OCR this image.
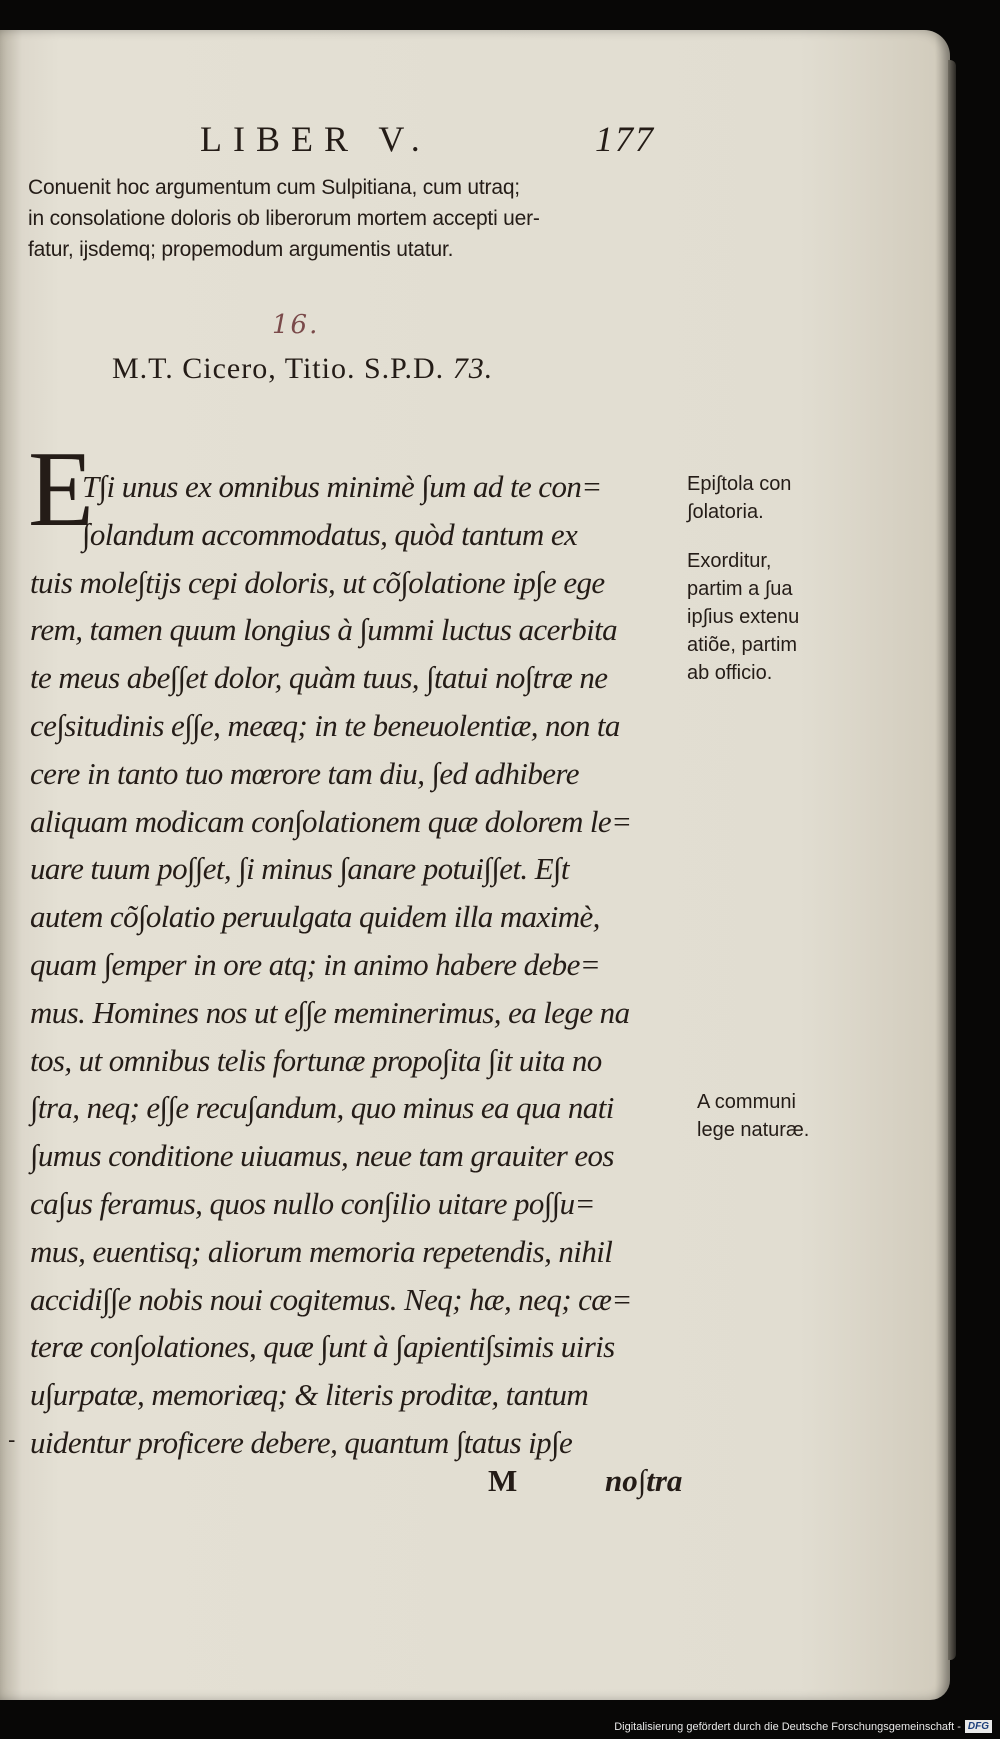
LIBER V.	177
Conuenit hoc argumentum cum Sulpitiana, cum utraq;
in consolatione doloris ob liberorum mortem accepti uer-
fatur, ijsdemq; propemodum argumentis utatur.
16.
M.T. Cicero, Titio. S.P.D. 73.
E
T∫i unus ex omnibus minimè ∫um ad te con=
∫olandum accommodatus, quòd tantum ex
tuis mole∫tijs cepi doloris, ut cõ∫olatione ip∫e ege
rem, tamen quum longius à ∫ummi luctus acerbita
te meus abe∫∫et dolor, quàm tuus, ∫tatui no∫træ ne
ce∫situdinis e∫∫e, meæq; in te beneuolentiæ, non ta
cere in tanto tuo mœrore tam diu, ∫ed adhibere
aliquam modicam con∫olationem quæ dolorem le=
uare tuum po∫∫et, ∫i minus ∫anare potui∫∫et. E∫t
autem cõ∫olatio peruulgata quidem illa maximè,
quam ∫emper in ore atq; in animo habere debe=
mus. Homines nos ut e∫∫e meminerimus, ea lege na
tos, ut omnibus telis fortunæ propo∫ita ∫it uita no
∫tra, neq; e∫∫e recu∫andum, quo minus ea qua nati
∫umus conditione uiuamus, neue tam grauiter eos
ca∫us feramus, quos nullo con∫ilio uitare po∫∫u=
mus, euentisq; aliorum memoria repetendis, nihil
accidi∫∫e nobis noui cogitemus. Neq; hæ, neq; cæ=
teræ con∫olationes, quæ ∫unt à ∫apienti∫simis uiris
u∫urpatæ, memoriæq; & literis proditæ, tantum
uidentur proficere debere, quantum ∫tatus ip∫e
M	no∫tra
Epi∫tola con
∫olatoria.
Exorditur,
partim a ∫ua
ip∫ius extenu
atiõe, partim
ab officio.
A communi
lege naturæ.
-
Digitalisierung gefördert durch die Deutsche Forschungsgemeinschaft - DFG
